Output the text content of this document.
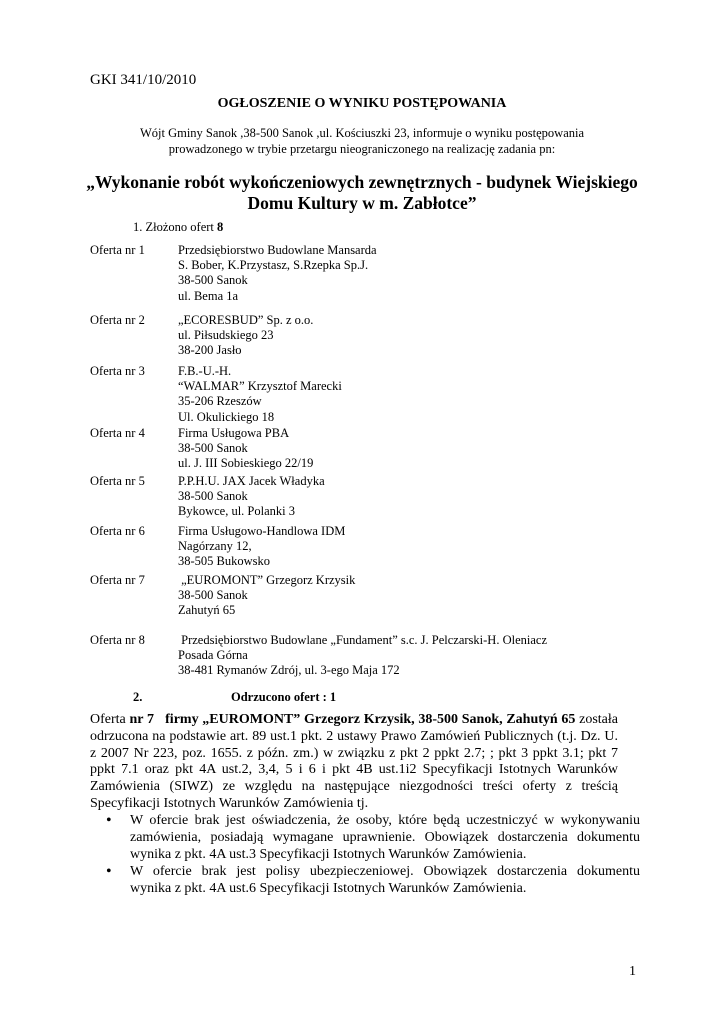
GKI 341/10/2010
OGŁOSZENIE O WYNIKU POSTĘPOWANIA
Wójt Gminy Sanok ,38-500 Sanok ,ul. Kościuszki 23, informuje o wyniku postępowania
prowadzonego w trybie przetargu nieograniczonego na realizację zadania pn:
„Wykonanie robót wykończeniowych zewnętrznych - budynek Wiejskiego
Domu Kultury w m. Zabłotce”
1. Złożono ofert 8
Oferta nr 1	Przedsiębiorstwo Budowlane Mansarda
S. Bober, K.Przystasz, S.Rzepka Sp.J.
38-500 Sanok
ul. Bema 1a
Oferta nr 2	„ECORESBUD” Sp. z o.o.
ul. Piłsudskiego 23
38-200 Jasło
Oferta nr 3	F.B.-U.-H.
“WALMAR” Krzysztof Marecki
35-206 Rzeszów
Ul. Okulickiego 18
Oferta nr 4	Firma Usługowa PBA
38-500 Sanok
ul. J. III Sobieskiego 22/19
Oferta nr 5	P.P.H.U. JAX Jacek Władyka
38-500 Sanok
Bykowce, ul. Polanki 3
Oferta nr 6	Firma Usługowo-Handlowa IDM
Nagórzany 12,
38-505 Bukowsko
Oferta nr 7	„EUROMONT” Grzegorz Krzysik
38-500 Sanok
Zahutyń 65
Oferta nr 8	Przedsiębiorstwo Budowlane „Fundament” s.c. J. Pelczarski-H. Oleniacz
Posada Górna
38-481 Rymanów Zdrój, ul. 3-ego Maja 172
2.	Odrzucono ofert : 1
Oferta nr 7 firmy „EUROMONT” Grzegorz Krzysik, 38-500 Sanok, Zahutyń 65 została
odrzucona na podstawie art. 89 ust.1 pkt. 2 ustawy Prawo Zamówień Publicznych (t.j. Dz. U.
z 2007 Nr 223, poz. 1655. z późn. zm.) w związku z pkt 2 ppkt 2.7; ; pkt 3 ppkt 3.1; pkt 7
ppkt 7.1 oraz pkt 4A ust.2, 3,4, 5 i 6 i pkt 4B ust.1i2 Specyfikacji Istotnych Warunków
Zamówienia (SIWZ) ze względu na następujące niezgodności treści oferty z treścią
Specyfikacji Istotnych Warunków Zamówienia tj.
• W ofercie brak jest oświadczenia, że osoby, które będą uczestniczyć w wykonywaniu
zamówienia, posiadają wymagane uprawnienie. Obowiązek dostarczenia dokumentu
wynika z pkt. 4A ust.3 Specyfikacji Istotnych Warunków Zamówienia.
• W ofercie brak jest polisy ubezpieczeniowej. Obowiązek dostarczenia dokumentu
wynika z pkt. 4A ust.6 Specyfikacji Istotnych Warunków Zamówienia.
1
